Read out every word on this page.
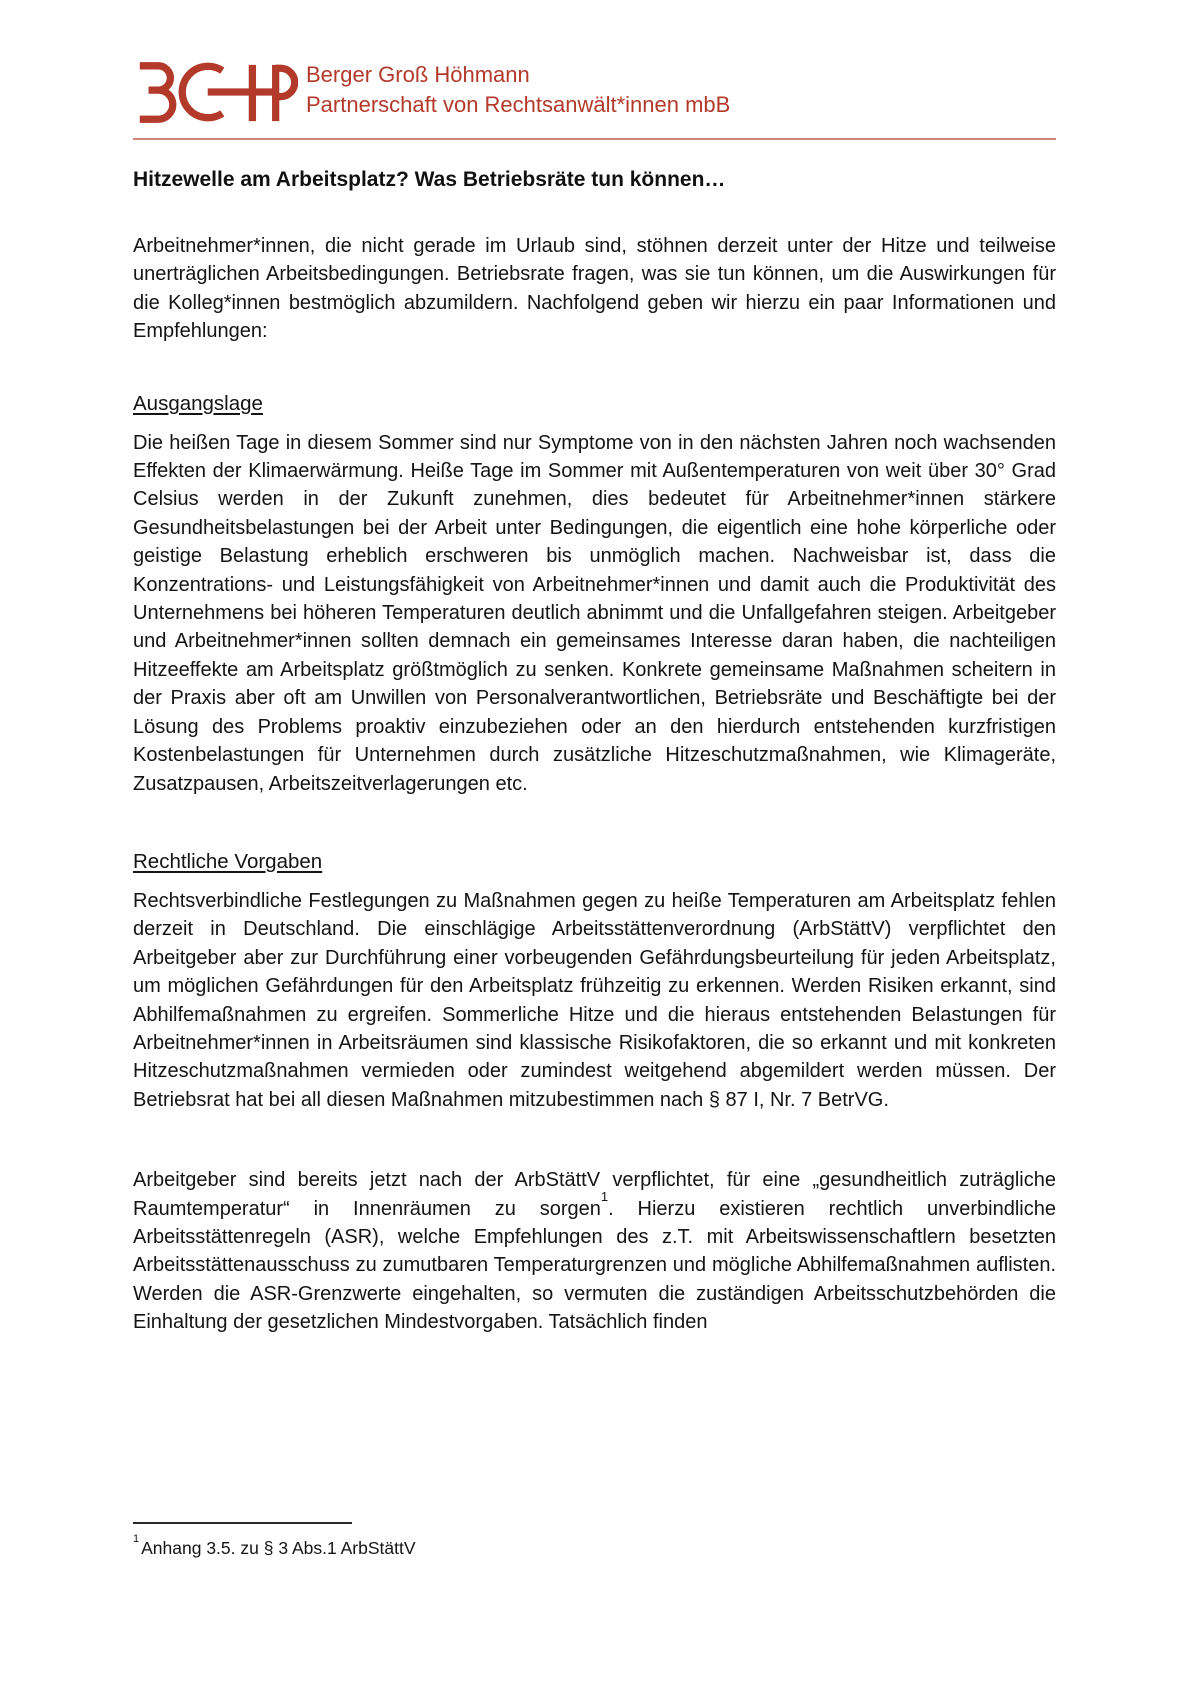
Berger Groß Höhmann
Partnerschaft von Rechtsanwält*innen mbB
Hitzewelle am Arbeitsplatz? Was Betriebsräte tun können…

Arbeitnehmer*innen, die nicht gerade im Urlaub sind, stöhnen derzeit unter der Hitze und teilweise unerträglichen Arbeitsbedingungen. Betriebsrate fragen, was sie tun können, um die Auswirkungen für die Kolleg*innen bestmöglich abzumildern. Nachfolgend geben wir hierzu ein paar Informationen und Empfehlungen:

Ausgangslage

Die heißen Tage in diesem Sommer sind nur Symptome von in den nächsten Jahren noch wachsenden Effekten der Klimaerwärmung. Heiße Tage im Sommer mit Außentemperaturen von weit über 30° Grad Celsius werden in der Zukunft zunehmen, dies bedeutet für Arbeitnehmer*innen stärkere Gesundheitsbelastungen bei der Arbeit unter Bedingungen, die eigentlich eine hohe körperliche oder geistige Belastung erheblich erschweren bis unmöglich machen. Nachweisbar ist, dass die Konzentrations- und Leistungsfähigkeit von Arbeitnehmer*innen und damit auch die Produktivität des Unternehmens bei höheren Temperaturen deutlich abnimmt und die Unfallgefahren steigen. Arbeitgeber und Arbeitnehmer*innen sollten demnach ein gemeinsames Interesse daran haben, die nachteiligen Hitzeeffekte am Arbeitsplatz größtmöglich zu senken. Konkrete gemeinsame Maßnahmen scheitern in der Praxis aber oft am Unwillen von Personalverantwortlichen, Betriebsräte und Beschäftigte bei der Lösung des Problems proaktiv einzubeziehen oder an den hierdurch entstehenden kurzfristigen Kostenbelastungen für Unternehmen durch zusätzliche Hitzeschutzmaßnahmen, wie Klimageräte, Zusatzpausen, Arbeitszeitverlagerungen etc.

Rechtliche Vorgaben

Rechtsverbindliche Festlegungen zu Maßnahmen gegen zu heiße Temperaturen am Arbeitsplatz fehlen derzeit in Deutschland. Die einschlägige Arbeitsstättenverordnung (ArbStättV) verpflichtet den Arbeitgeber aber zur Durchführung einer vorbeugenden Gefährdungsbeurteilung für jeden Arbeitsplatz, um möglichen Gefährdungen für den Arbeitsplatz frühzeitig zu erkennen. Werden Risiken erkannt, sind Abhilfemaßnahmen zu ergreifen. Sommerliche Hitze und die hieraus entstehenden Belastungen für Arbeitnehmer*innen in Arbeitsräumen sind klassische Risikofaktoren, die so erkannt und mit konkreten Hitzeschutzmaßnahmen vermieden oder zumindest weitgehend abgemildert werden müssen. Der Betriebsrat hat bei all diesen Maßnahmen mitzubestimmen nach § 87 I, Nr. 7 BetrVG.

Arbeitgeber sind bereits jetzt nach der ArbStättV verpflichtet, für eine „gesundheitlich zuträgliche Raumtemperatur“ in Innenräumen zu sorgen$^1$. Hierzu existieren rechtlich unverbindliche Arbeitsstättenregeln (ASR), welche Empfehlungen des z.T. mit Arbeitswissenschaftlern besetzten Arbeitsstättenausschuss zu zumutbaren Temperaturgrenzen und mögliche Abhilfemaßnahmen auflisten. Werden die ASR-Grenzwerte eingehalten, so vermuten die zuständigen Arbeitsschutzbehörden die Einhaltung der gesetzlichen Mindestvorgaben. Tatsächlich finden

$^1$ Anhang 3.5. zu § 3 Abs.1 ArbStättV
